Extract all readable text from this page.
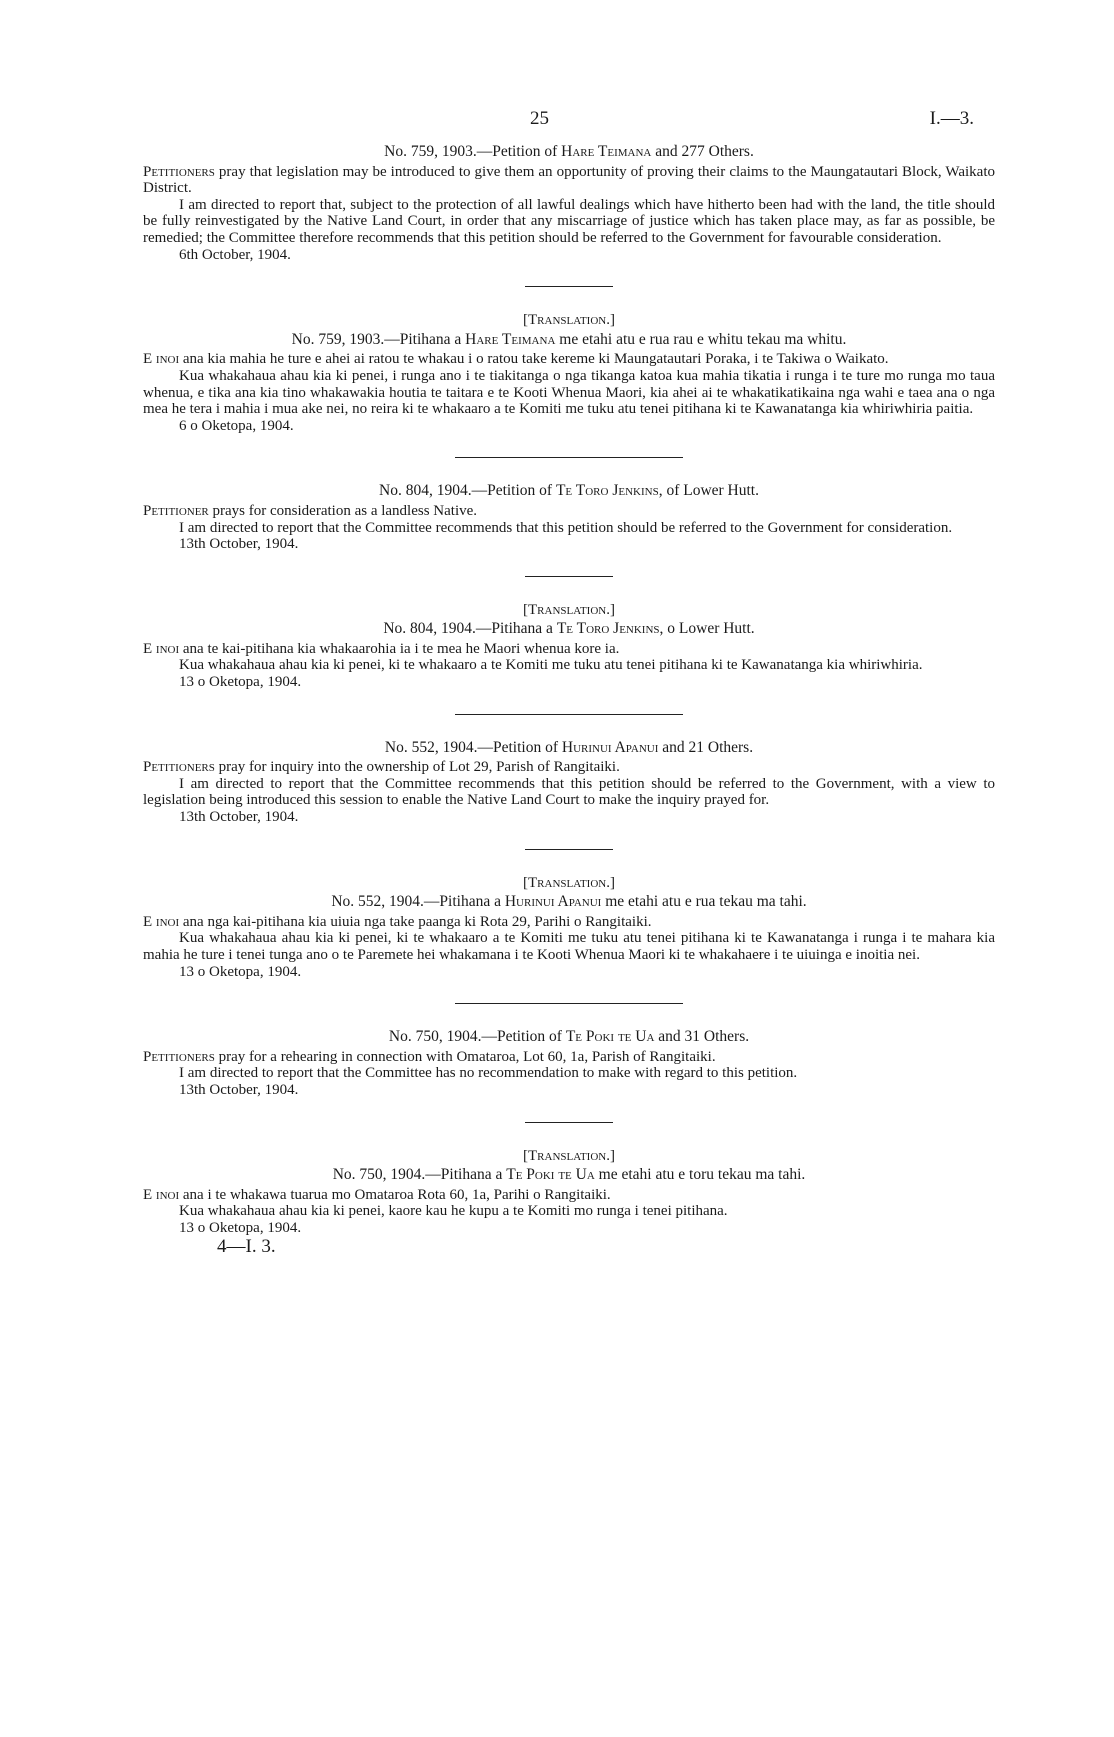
25	I.—3.

No. 759, 1903.—Petition of Hare Teimana and 277 Others.

Petitioners pray that legislation may be introduced to give them an opportunity of proving their claims to the Maungatautari Block, Waikato District.

I am directed to report that, subject to the protection of all lawful dealings which have hitherto been had with the land, the title should be fully reinvestigated by the Native Land Court, in order that any miscarriage of justice which has taken place may, as far as possible, be remedied; the Committee therefore recommends that this petition should be referred to the Government for favourable consideration.

6th October, 1904.

[Translation.]

No. 759, 1903.—Pitihana a Hare Teimana me etahi atu e rua rau e whitu tekau ma whitu.

E inoi ana kia mahia he ture e ahei ai ratou te whakau i o ratou take kereme ki Maungatautari Poraka, i te Takiwa o Waikato.

Kua whakahaua ahau kia ki penei, i runga ano i te tiakitanga o nga tikanga katoa kua mahia tikatia i runga i te ture mo runga mo taua whenua, e tika ana kia tino whakawakia houtia te taitara e te Kooti Whenua Maori, kia ahei ai te whakatikatikaina nga wahi e taea ana o nga mea he tera i mahia i mua ake nei, no reira ki te whakaaro a te Komiti me tuku atu tenei pitihana ki te Kawanatanga kia whiriwhiria paitia.

6 o Oketopa, 1904.

No. 804, 1904.—Petition of Te Toro Jenkins, of Lower Hutt.

Petitioner prays for consideration as a landless Native.

I am directed to report that the Committee recommends that this petition should be referred to the Government for consideration.

13th October, 1904.

[Translation.]

No. 804, 1904.—Pitihana a Te Toro Jenkins, o Lower Hutt.

E inoi ana te kai-pitihana kia whakaarohia ia i te mea he Maori whenua kore ia.

Kua whakahaua ahau kia ki penei, ki te whakaaro a te Komiti me tuku atu tenei pitihana ki te Kawanatanga kia whiriwhiria.

13 o Oketopa, 1904.

No. 552, 1904.—Petition of Hurinui Apanui and 21 Others.

Petitioners pray for inquiry into the ownership of Lot 29, Parish of Rangitaiki.

I am directed to report that the Committee recommends that this petition should be referred to the Government, with a view to legislation being introduced this session to enable the Native Land Court to make the inquiry prayed for.

13th October, 1904.

[Translation.]

No. 552, 1904.—Pitihana a Hurinui Apanui me etahi atu e rua tekau ma tahi.

E inoi ana nga kai-pitihana kia uiuia nga take paanga ki Rota 29, Parihi o Rangitaiki.

Kua whakahaua ahau kia ki penei, ki te whakaaro a te Komiti me tuku atu tenei pitihana ki te Kawanatanga i runga i te mahara kia mahia he ture i tenei tunga ano o te Paremete hei whakamana i te Kooti Whenua Maori ki te whakahaere i te uiuinga e inoitia nei.

13 o Oketopa, 1904.

No. 750, 1904.—Petition of Te Poki te Ua and 31 Others.

Petitioners pray for a rehearing in connection with Omataroa, Lot 60, 1a, Parish of Rangitaiki.

I am directed to report that the Committee has no recommendation to make with regard to this petition.

13th October, 1904.

[Translation.]

No. 750, 1904.—Pitihana a Te Poki te Ua me etahi atu e toru tekau ma tahi.

E inoi ana i te whakawa tuarua mo Omataroa Rota 60, 1a, Parihi o Rangitaiki.

Kua whakahaua ahau kia ki penei, kaore kau he kupu a te Komiti mo runga i tenei pitihana.

13 o Oketopa, 1904.

4—I. 3.
